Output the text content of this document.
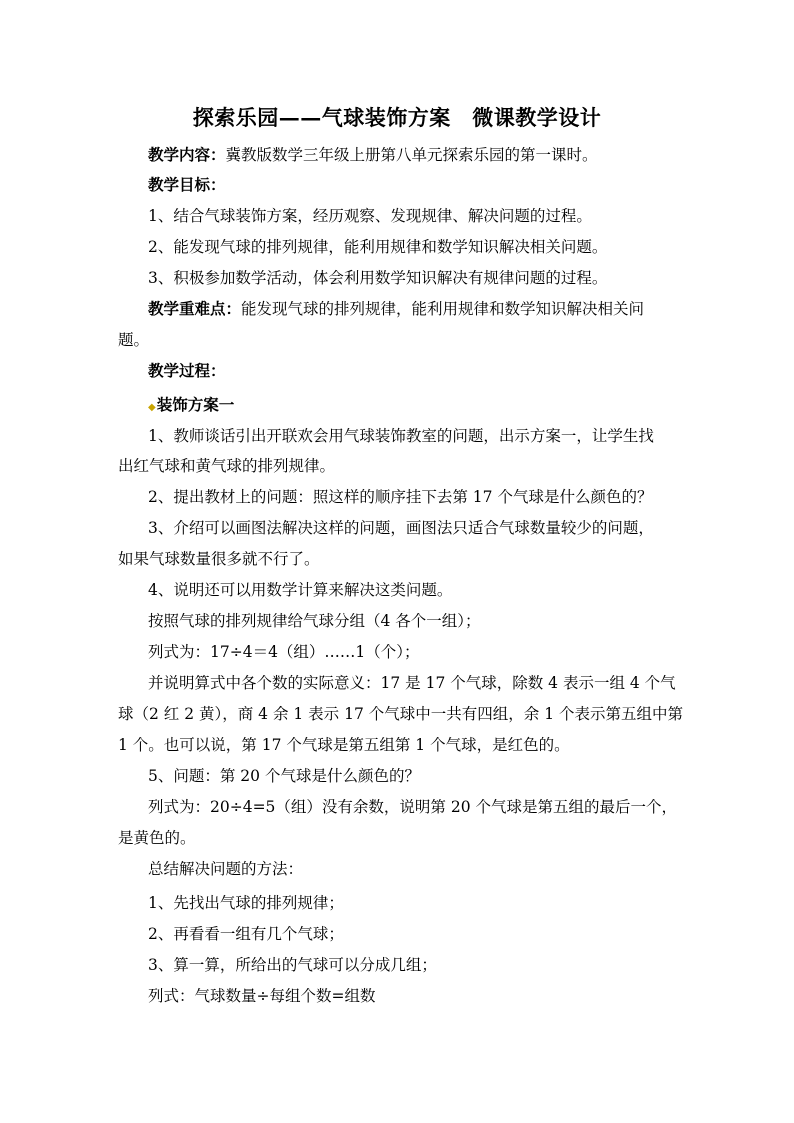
探索乐园——气球装饰方案　微课教学设计
教学内容：冀教版数学三年级上册第八单元探索乐园的第一课时。
教学目标：
1、结合气球装饰方案，经历观察、发现规律、解决问题的过程。
2、能发现气球的排列规律，能利用规律和数学知识解决相关问题。
3、积极参加数学活动，体会利用数学知识解决有规律问题的过程。
教学重难点：能发现气球的排列规律，能利用规律和数学知识解决相关问
题。
教学过程：
◆装饰方案一
1、教师谈话引出开联欢会用气球装饰教室的问题，出示方案一，让学生找
出红气球和黄气球的排列规律。
2、提出教材上的问题：照这样的顺序挂下去第 17 个气球是什么颜色的？
3、介绍可以画图法解决这样的问题，画图法只适合气球数量较少的问题，
如果气球数量很多就不行了。
4、说明还可以用数学计算来解决这类问题。
按照气球的排列规律给气球分组（4 各个一组）；
列式为：17÷4＝4（组）……1（个）；
并说明算式中各个数的实际意义：17 是 17 个气球，除数 4 表示一组 4 个气
球（2 红 2 黄），商 4 余 1 表示 17 个气球中一共有四组，余 1 个表示第五组中第
1 个。也可以说，第 17 个气球是第五组第 1 个气球，是红色的。
5、问题：第 20 个气球是什么颜色的？
列式为：20÷4=5（组）没有余数，说明第 20 个气球是第五组的最后一个，
是黄色的。
总结解决问题的方法：
1、先找出气球的排列规律；
2、再看看一组有几个气球；
3、算一算，所给出的气球可以分成几组；
列式：气球数量÷每组个数=组数
